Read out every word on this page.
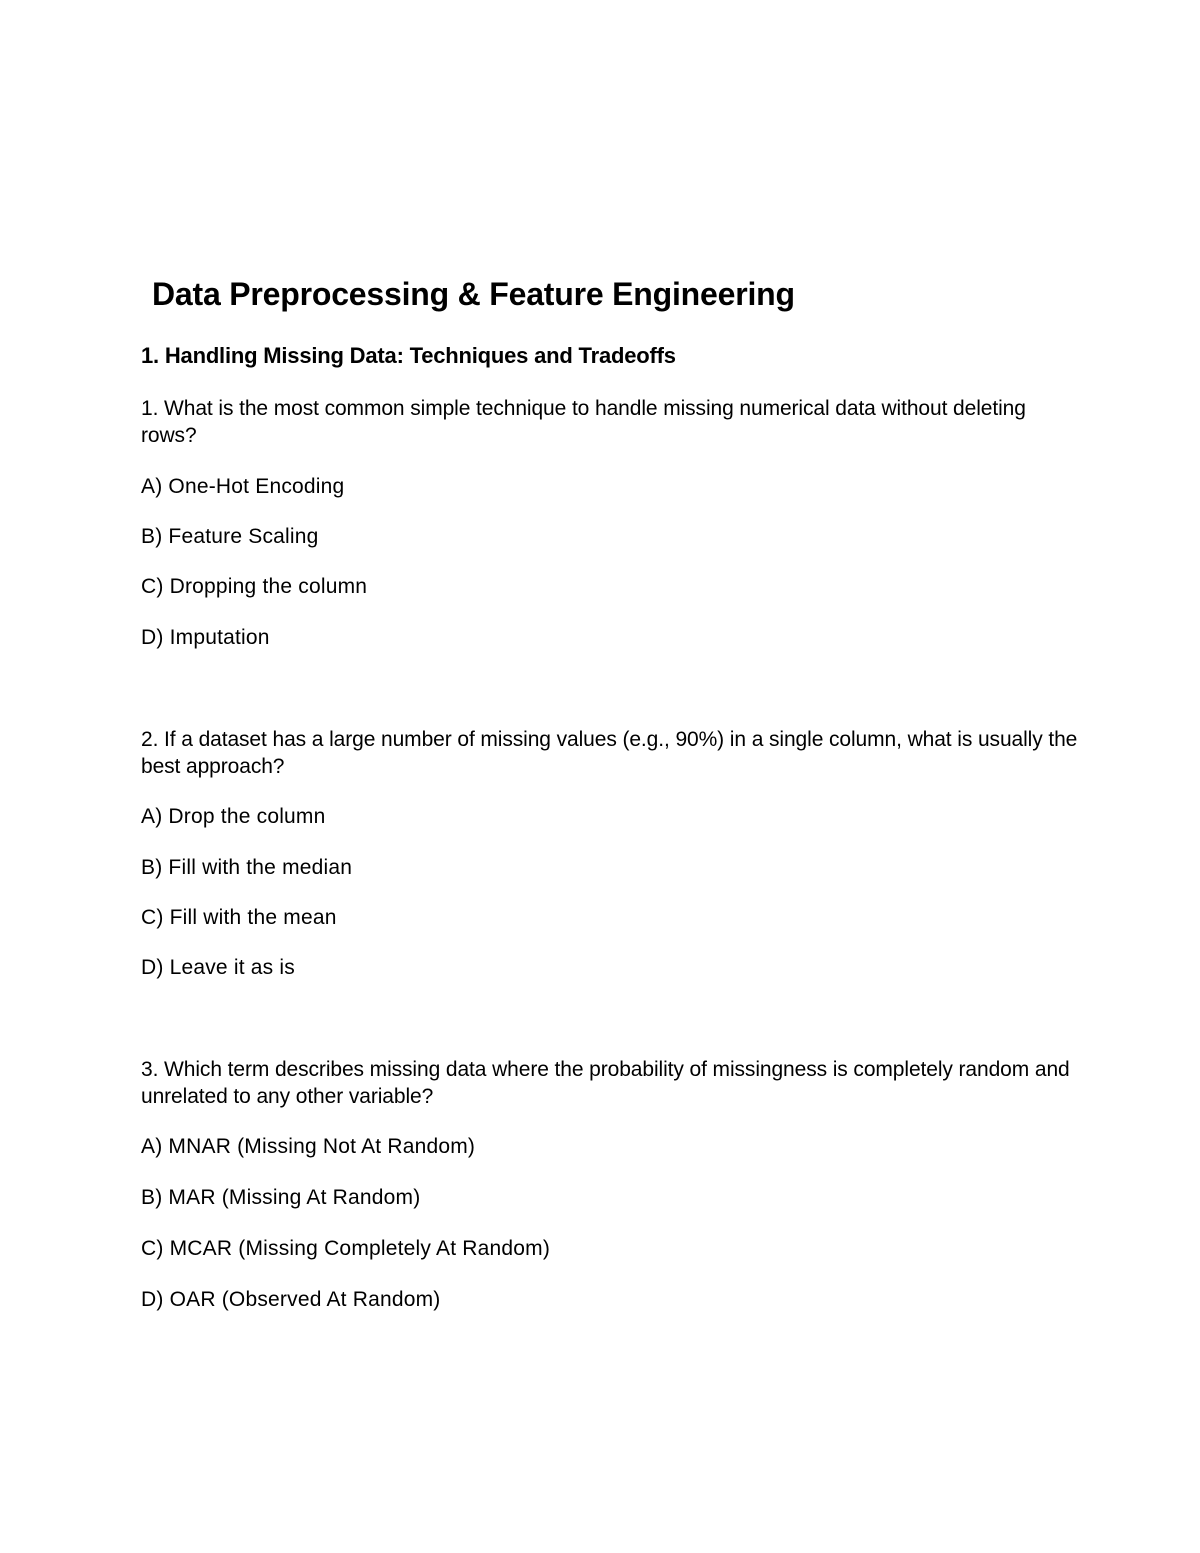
Data Preprocessing & Feature Engineering
1. Handling Missing Data: Techniques and Tradeoffs

1. What is the most common simple technique to handle missing numerical data without deleting rows?

A) One-Hot Encoding

B) Feature Scaling

C) Dropping the column

D) Imputation

2. If a dataset has a large number of missing values (e.g., 90%) in a single column, what is usually the best approach?

A) Drop the column

B) Fill with the median

C) Fill with the mean

D) Leave it as is

3. Which term describes missing data where the probability of missingness is completely random and unrelated to any other variable?

A) MNAR (Missing Not At Random)

B) MAR (Missing At Random)

C) MCAR (Missing Completely At Random)

D) OAR (Observed At Random)
